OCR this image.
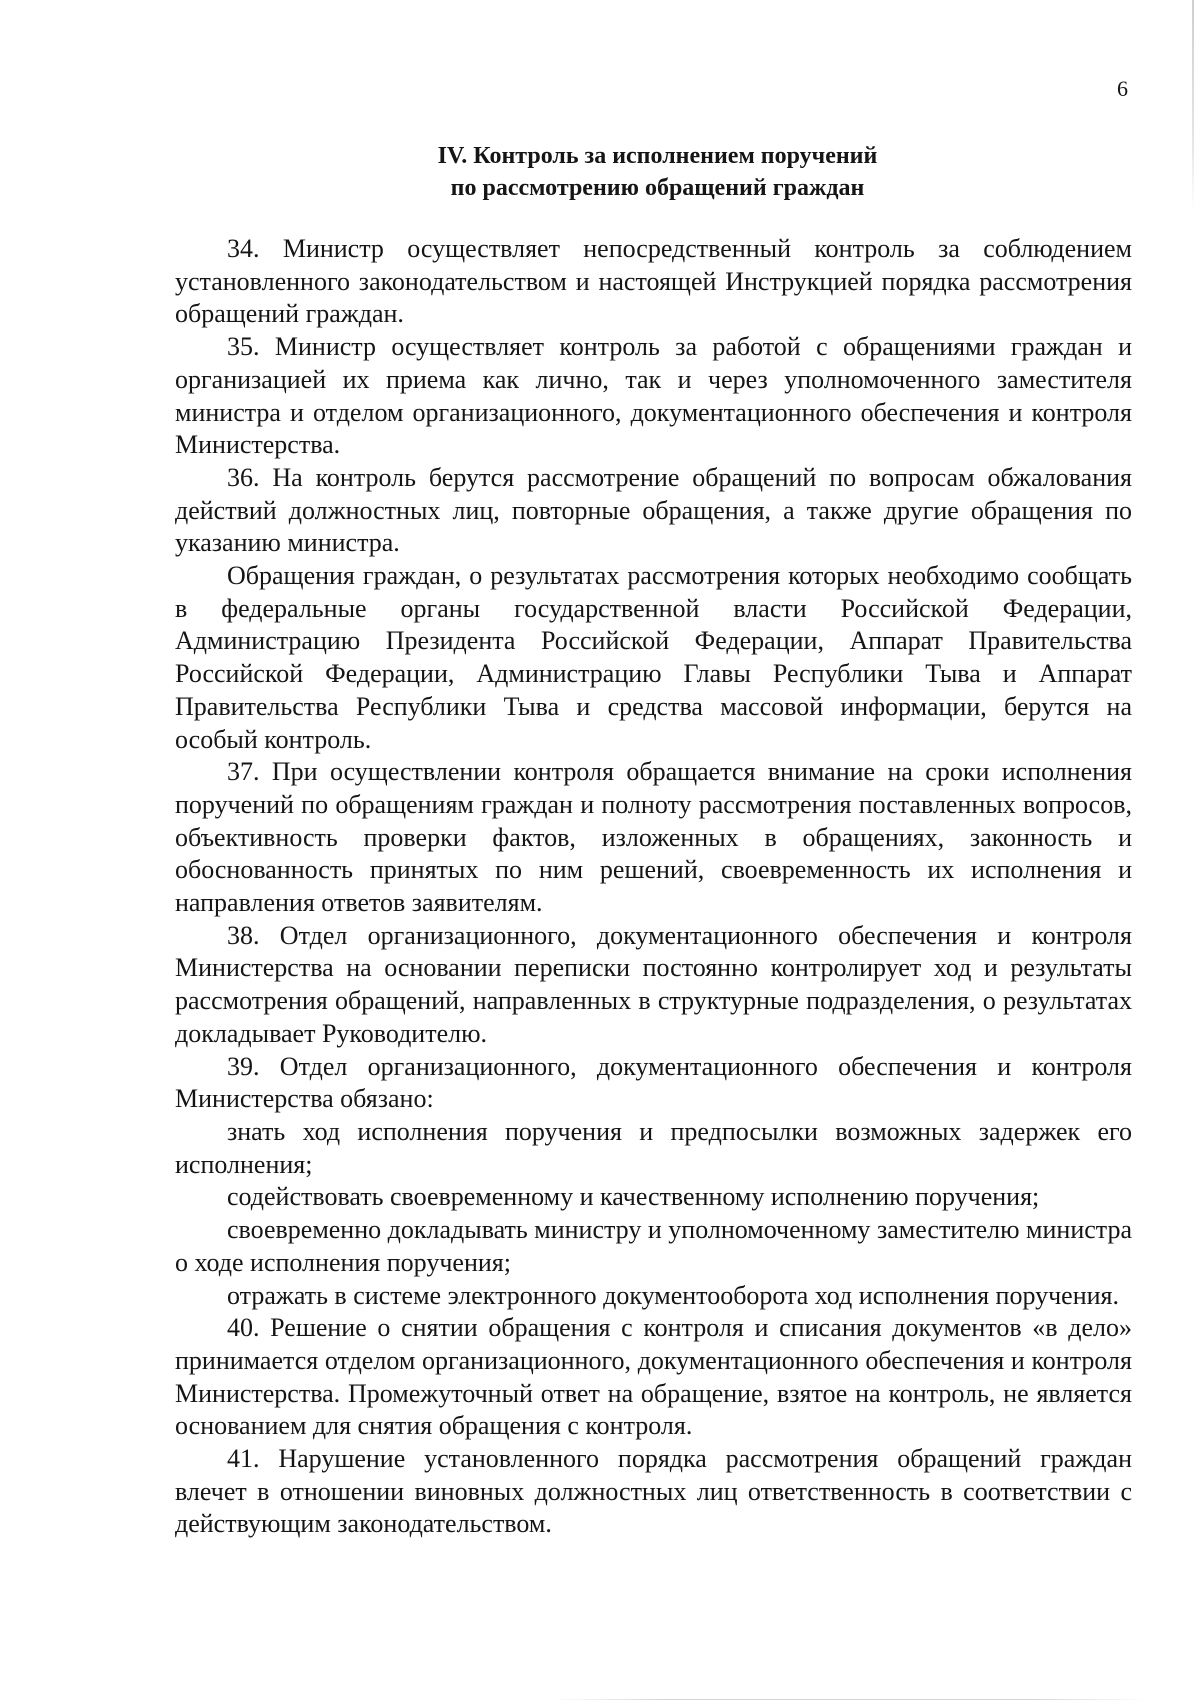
6
IV. Контроль за исполнением поручений
по рассмотрению обращений граждан

34. Министр осуществляет непосредственный контроль за соблюдением установленного законодательством и настоящей Инструкцией порядка рассмотрения обращений граждан.

35. Министр осуществляет контроль за работой с обращениями граждан и организацией их приема как лично, так и через уполномоченного заместителя министра и отделом организационного, документационного обеспечения и контроля Министерства.

36. На контроль берутся рассмотрение обращений по вопросам обжалования действий должностных лиц, повторные обращения, а также другие обращения по указанию министра.

Обращения граждан, о результатах рассмотрения которых необходимо сообщать в федеральные органы государственной власти Российской Федерации, Администрацию Президента Российской Федерации, Аппарат Правительства Российской Федерации, Администрацию Главы Республики Тыва и Аппарат Правительства Республики Тыва и средства массовой информации, берутся на особый контроль.

37. При осуществлении контроля обращается внимание на сроки исполнения поручений по обращениям граждан и полноту рассмотрения поставленных вопросов, объективность проверки фактов, изложенных в обращениях, законность и обоснованность принятых по ним решений, своевременность их исполнения и направления ответов заявителям.

38. Отдел организационного, документационного обеспечения и контроля Министерства на основании переписки постоянно контролирует ход и результаты рассмотрения обращений, направленных в структурные подразделения, о результатах докладывает Руководителю.

39. Отдел организационного, документационного обеспечения и контроля Министерства обязано:

знать ход исполнения поручения и предпосылки возможных задержек его исполнения;

содействовать своевременному и качественному исполнению поручения;

своевременно докладывать министру и уполномоченному заместителю министра о ходе исполнения поручения;

отражать в системе электронного документооборота ход исполнения поручения.

40. Решение о снятии обращения с контроля и списания документов «в дело» принимается отделом организационного, документационного обеспечения и контроля Министерства. Промежуточный ответ на обращение, взятое на контроль, не является основанием для снятия обращения с контроля.

41. Нарушение установленного порядка рассмотрения обращений граждан влечет в отношении виновных должностных лиц ответственность в соответствии с действующим законодательством.
